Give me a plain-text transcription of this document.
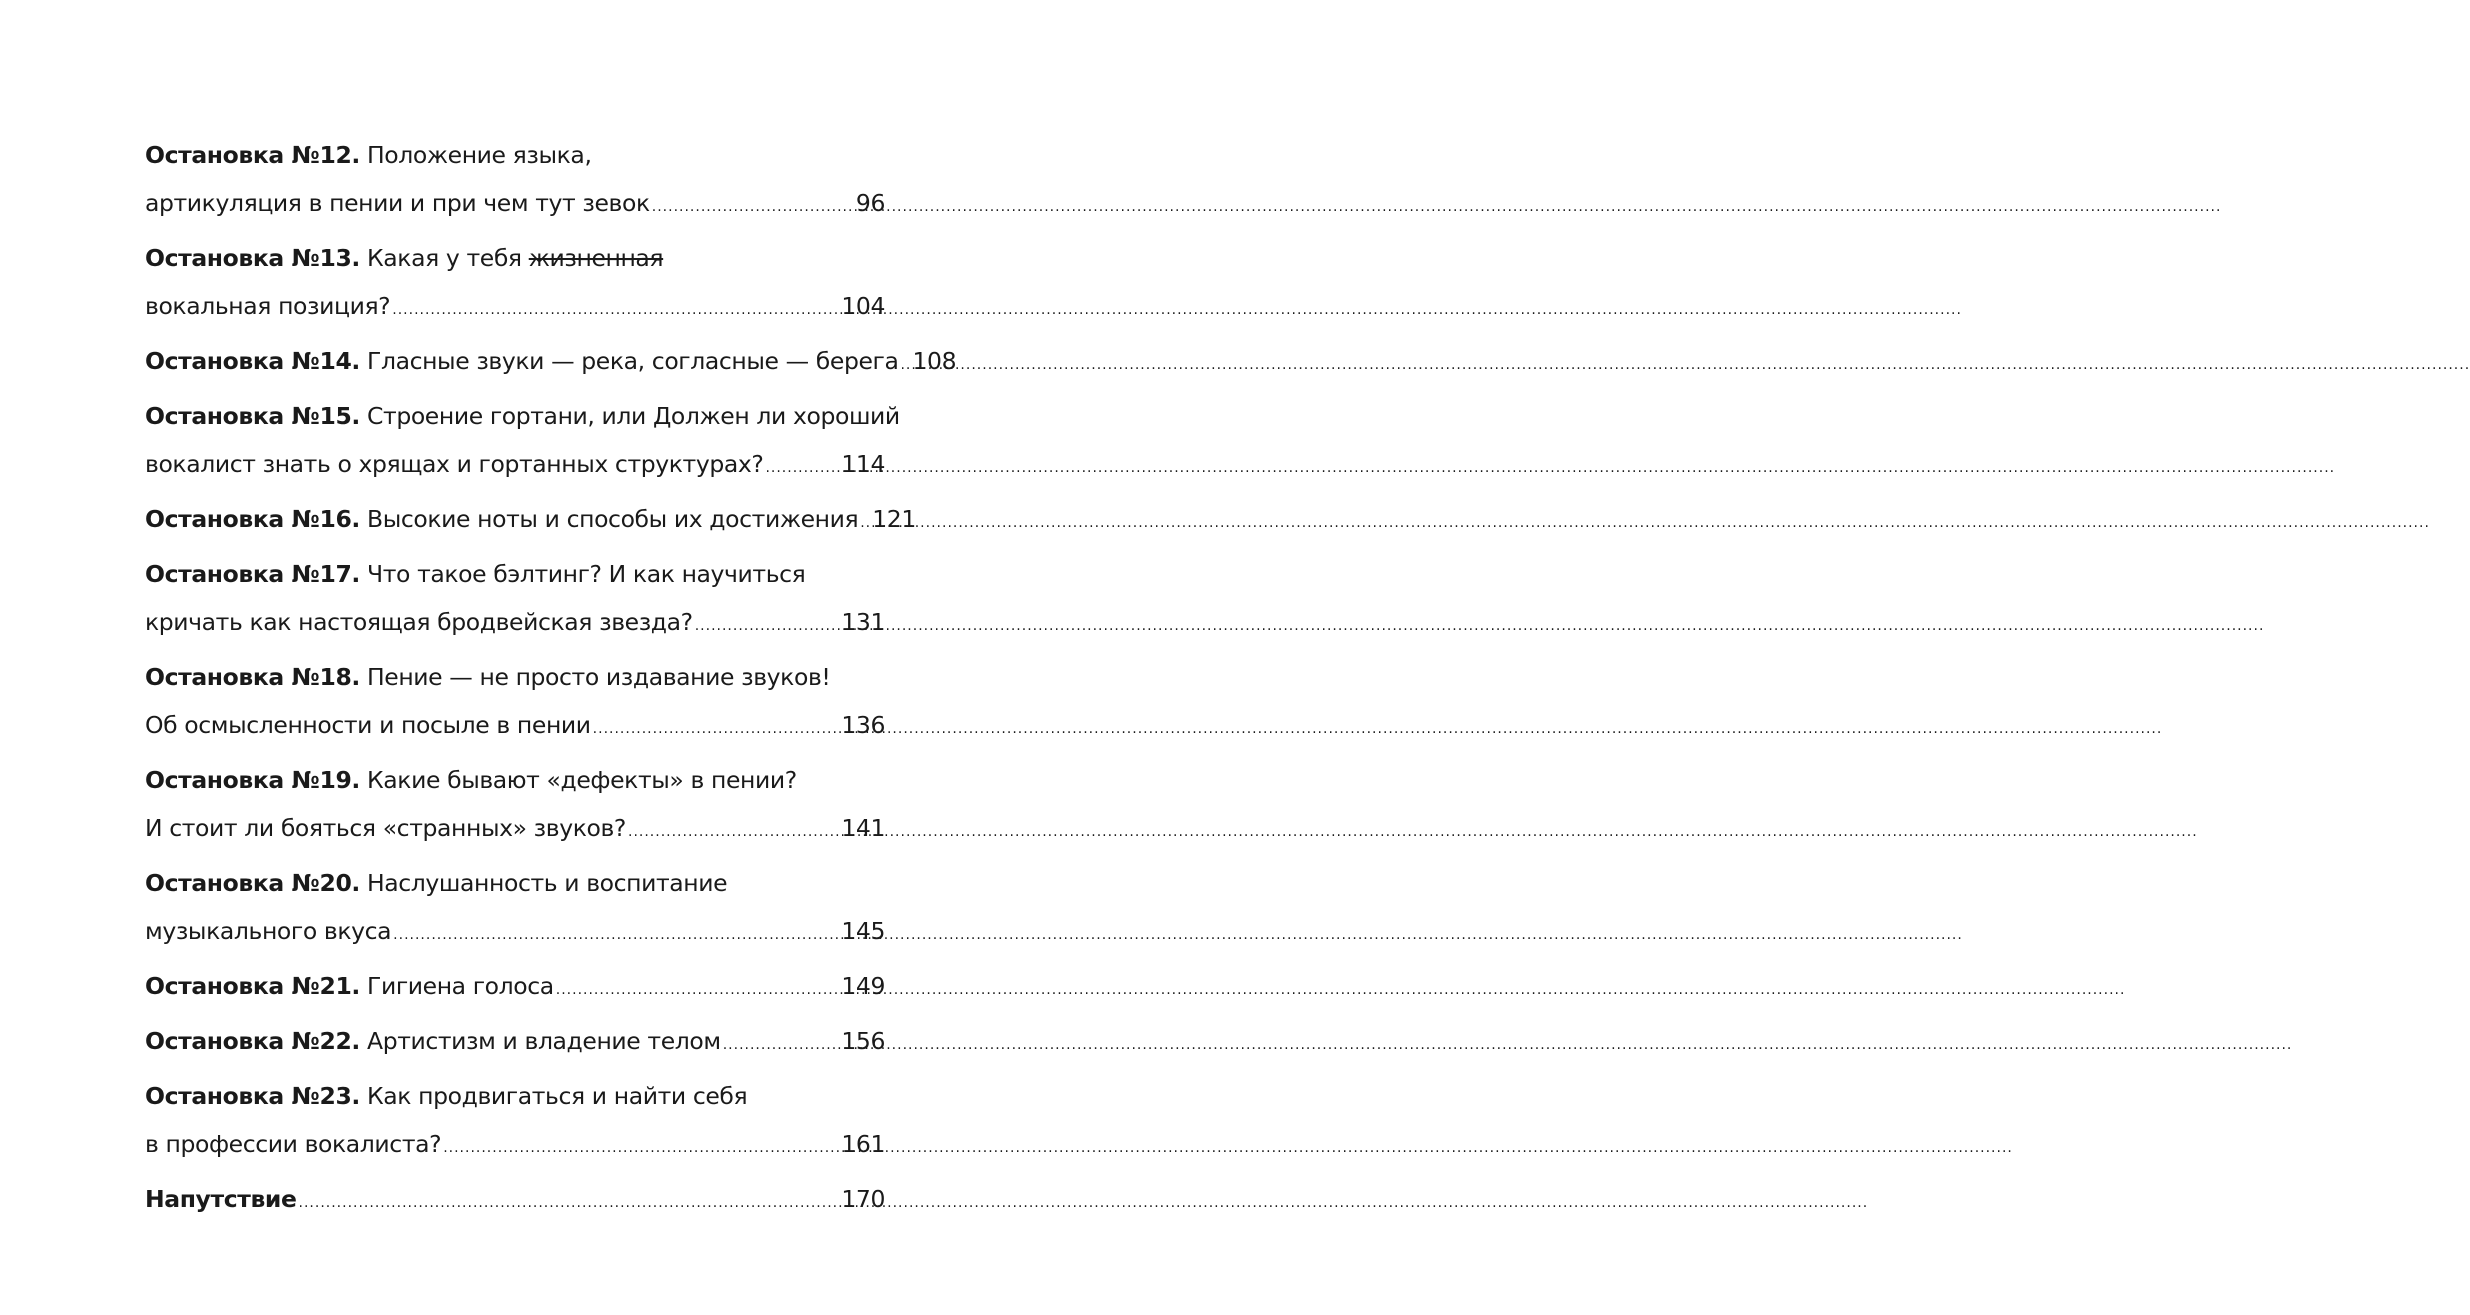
Остановка №12. Положение языка,
артикуляция в пении и при чем тут зевок .....	96
Остановка №13. Какая у тебя жизненная
вокальная позиция? .....	104
Остановка №14. Гласные звуки — река, согласные — берега ..... 108
Остановка №15. Строение гортани, или Должен ли хороший
вокалист знать о хрящах и гортанных структурах? .....	114
Остановка №16. Высокие ноты и способы их достижения ..... 121
Остановка №17. Что такое бэлтинг? И как научиться
кричать как настоящая бродвейская звезда? .....	131
Остановка №18. Пение — не просто издавание звуков!
Об осмысленности и посыле в пении .....	136
Остановка №19. Какие бывают «дефекты» в пении?
И стоит ли бояться «странных» звуков? .....	141
Остановка №20. Наслушанность и воспитание
музыкального вкуса .....	145
Остановка №21. Гигиена голоса .....	149
Остановка №22. Артистизм и владение телом .....	156
Остановка №23. Как продвигаться и найти себя
в профессии вокалиста? .....	161
Напутствие .....	170
